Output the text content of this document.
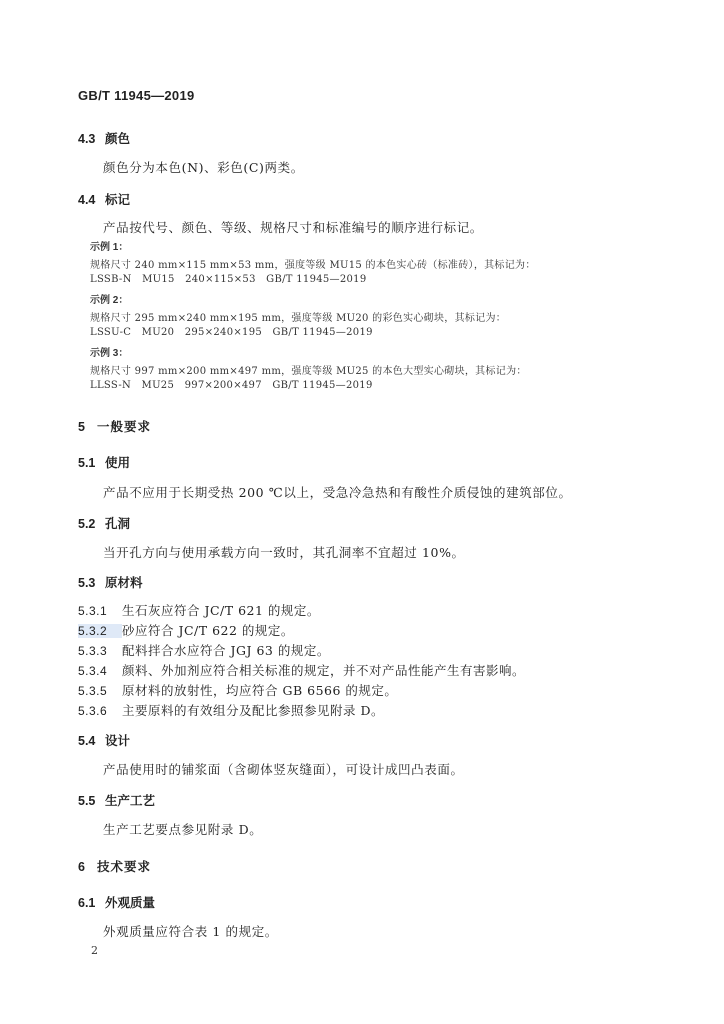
GB/T 11945—2019
4.3 颜色
颜色分为本色(N)、彩色(C)两类。
4.4 标记
产品按代号、颜色、等级、规格尺寸和标准编号的顺序进行标记。
示例 1：
规格尺寸 240 mm×115 mm×53 mm，强度等级 MU15 的本色实心砖（标准砖），其标记为：
LSSB-N   MU15   240×115×53   GB/T 11945—2019
示例 2：
规格尺寸 295 mm×240 mm×195 mm，强度等级 MU20 的彩色实心砌块，其标记为：
LSSU-C   MU20   295×240×195   GB/T 11945—2019
示例 3：
规格尺寸 997 mm×200 mm×497 mm，强度等级 MU25 的本色大型实心砌块，其标记为：
LLSS-N   MU25   997×200×497   GB/T 11945—2019
5 一般要求
5.1 使用
产品不应用于长期受热 200 ℃以上，受急冷急热和有酸性介质侵蚀的建筑部位。
5.2 孔洞
当开孔方向与使用承载方向一致时，其孔洞率不宜超过 10%。
5.3 原材料
5.3.1 生石灰应符合 JC/T 621 的规定。
5.3.2 砂应符合 JC/T 622 的规定。
5.3.3 配料拌合水应符合 JGJ 63 的规定。
5.3.4 颜料、外加剂应符合相关标准的规定，并不对产品性能产生有害影响。
5.3.5 原材料的放射性，均应符合 GB 6566 的规定。
5.3.6 主要原料的有效组分及配比参照参见附录 D。
5.4 设计
产品使用时的铺浆面（含砌体竖灰缝面），可设计成凹凸表面。
5.5 生产工艺
生产工艺要点参见附录 D。
6 技术要求
6.1 外观质量
外观质量应符合表 1 的规定。
2
